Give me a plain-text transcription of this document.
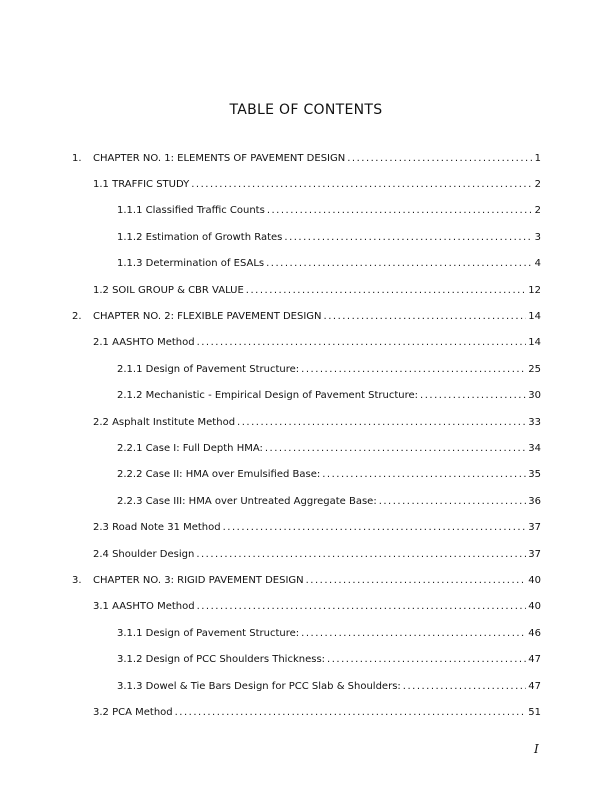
TABLE OF CONTENTS
1.	CHAPTER NO. 1: ELEMENTS OF PAVEMENT DESIGN .....	1
1.1 TRAFFIC STUDY .....	2
1.1.1 Classified Traffic Counts .....	2
1.1.2 Estimation of Growth Rates .....	3
1.1.3 Determination of ESALs .....	4
1.2 SOIL GROUP & CBR VALUE .....	12
2.	CHAPTER NO. 2: FLEXIBLE PAVEMENT DESIGN .....	14
2.1 AASHTO Method .....	14
2.1.1 Design of Pavement Structure: .....	25
2.1.2 Mechanistic - Empirical Design of Pavement Structure: .....	30
2.2 Asphalt Institute Method .....	33
2.2.1 Case I: Full Depth HMA: .....	34
2.2.2 Case II: HMA over Emulsified Base: .....	35
2.2.3 Case III: HMA over Untreated Aggregate Base: .....	36
2.3 Road Note 31 Method .....	37
2.4 Shoulder Design .....	37
3.	CHAPTER NO. 3: RIGID PAVEMENT DESIGN .....	40
3.1 AASHTO Method .....	40
3.1.1 Design of Pavement Structure: .....	46
3.1.2 Design of PCC Shoulders Thickness: .....	47
3.1.3 Dowel & Tie Bars Design for PCC Slab & Shoulders: .....	47
3.2 PCA Method .....	51
I
